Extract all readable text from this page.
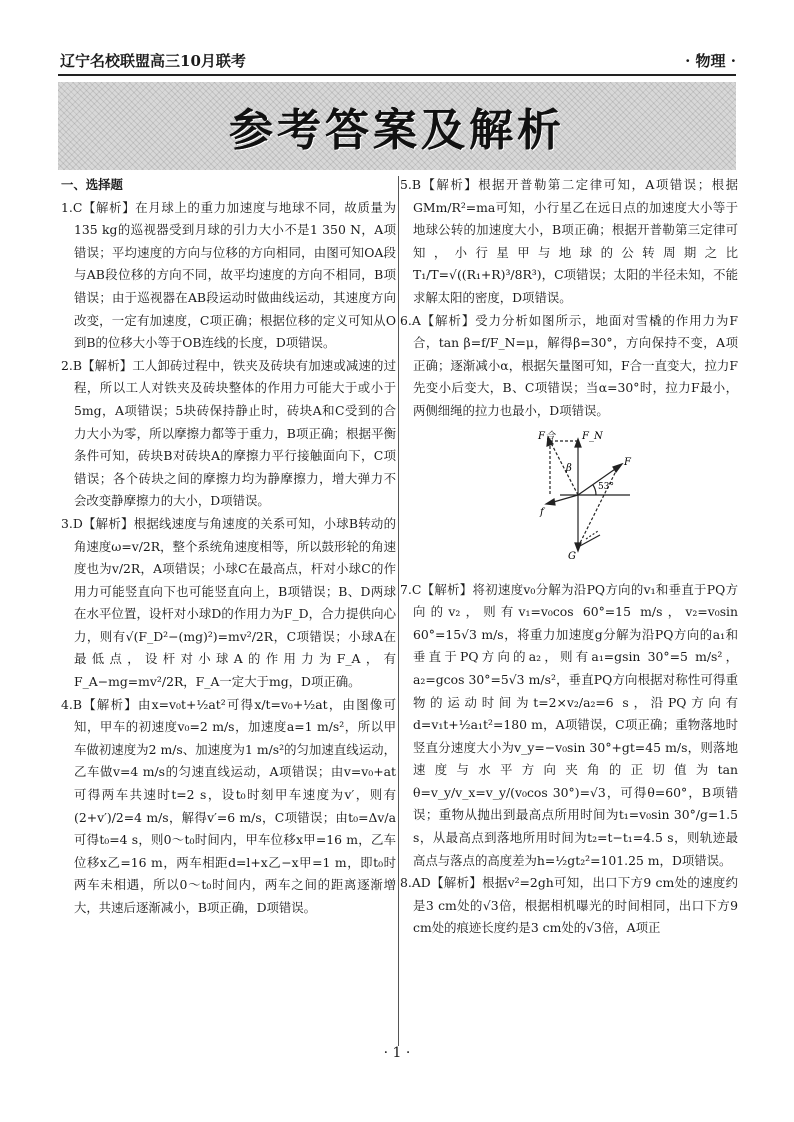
辽宁名校联盟高三10月联考	· 物理 ·
参考答案及解析

一、选择题

1.C【解析】在月球上的重力加速度与地球不同，故质量为135 kg的巡视器受到月球的引力大小不是1 350 N，A项错误；平均速度的方向与位移的方向相同，由图可知OA段与AB段位移的方向不同，故平均速度的方向不相同，B项错误；由于巡视器在AB段运动时做曲线运动，其速度方向改变，一定有加速度，C项正确；根据位移的定义可知从O到B的位移大小等于OB连线的长度，D项错误。

2.B【解析】工人卸砖过程中，铁夹及砖块有加速或减速的过程，所以工人对铁夹及砖块整体的作用力可能大于或小于5mg，A项错误；5块砖保持静止时，砖块A和C受到的合力大小为零，所以摩擦力都等于重力，B项正确；根据平衡条件可知，砖块B对砖块A的摩擦力平行接触面向下，C项错误；各个砖块之间的摩擦力均为静摩擦力，增大弹力不会改变静摩擦力的大小，D项错误。

3.D【解析】根据线速度与角速度的关系可知，小球B转动的角速度ω=v/2R，整个系统角速度相等，所以鼓形轮的角速度也为v/2R，A项错误；小球C在最高点，杆对小球C的作用力可能竖直向下也可能竖直向上，B项错误；B、D两球在水平位置，设杆对小球D的作用力为F_D，合力提供向心力，则有√(F_D²−(mg)²)=mv²/2R，C项错误；小球A在最低点，设杆对小球A的作用力为F_A，有F_A−mg=mv²/2R，F_A一定大于mg，D项正确。

4.B【解析】由x=v₀t+½at²可得x/t=v₀+½at，由图像可知，甲车的初速度v₀=2 m/s，加速度a=1 m/s²，所以甲车做初速度为2 m/s、加速度为1 m/s²的匀加速直线运动，乙车做v=4 m/s的匀速直线运动，A项错误；由v=v₀+at可得两车共速时t=2 s，设t₀时刻甲车速度为v′，则有(2+v′)/2=4 m/s，解得v′=6 m/s，C项错误；由t₀=Δv/a可得t₀=4 s，则0～t₀时间内，甲车位移x甲=16 m，乙车位移x乙=16 m，两车相距d=l+x乙−x甲=1 m，即t₀时两车未相遇，所以0～t₀时间内，两车之间的距离逐渐增大，共速后逐渐减小，B项正确，D项错误。

5.B【解析】根据开普勒第二定律可知，A项错误；根据GMm/R²=ma可知，小行星乙在远日点的加速度大小等于地球公转的加速度大小，B项正确；根据开普勒第三定律可知，小行星甲与地球的公转周期之比T₁/T=√((R₁+R)³/8R³)，C项错误；太阳的半径未知，不能求解太阳的密度，D项错误。

6.A【解析】受力分析如图所示，地面对雪橇的作用力为F合，tan β=f/F_N=μ，解得β=30°，方向保持不变，A项正确；逐渐减小α，根据矢量图可知，F合一直变大，拉力F先变小后变大，B、C项错误；当α=30°时，拉力F最小，两侧细绳的拉力也最小，D项错误。

F合	F_N
β
F
53°
f
G

7.C【解析】将初速度v₀分解为沿PQ方向的v₁和垂直于PQ方向的v₂，则有v₁=v₀cos 60°=15 m/s，v₂=v₀sin 60°=15√3 m/s，将重力加速度g分解为沿PQ方向的a₁和垂直于PQ方向的a₂，则有a₁=gsin 30°=5 m/s²，a₂=gcos 30°=5√3 m/s²，垂直PQ方向根据对称性可得重物的运动时间为t=2×v₂/a₂=6 s，沿PQ方向有d=v₁t+½a₁t²=180 m，A项错误，C项正确；重物落地时竖直分速度大小为v_y=−v₀sin 30°+gt=45 m/s，则落地速度与水平方向夹角的正切值为tan θ=v_y/v_x=v_y/(v₀cos 30°)=√3，可得θ=60°，B项错误；重物从抛出到最高点所用时间为t₁=v₀sin 30°/g=1.5 s，从最高点到落地所用时间为t₂=t−t₁=4.5 s，则轨迹最高点与落点的高度差为h=½gt₂²=101.25 m，D项错误。

8.AD【解析】根据v²=2gh可知，出口下方9 cm处的速度约是3 cm处的√3倍，根据相机曝光的时间相同，出口下方9 cm处的痕迹长度约是3 cm处的√3倍，A项正

· 1 ·
